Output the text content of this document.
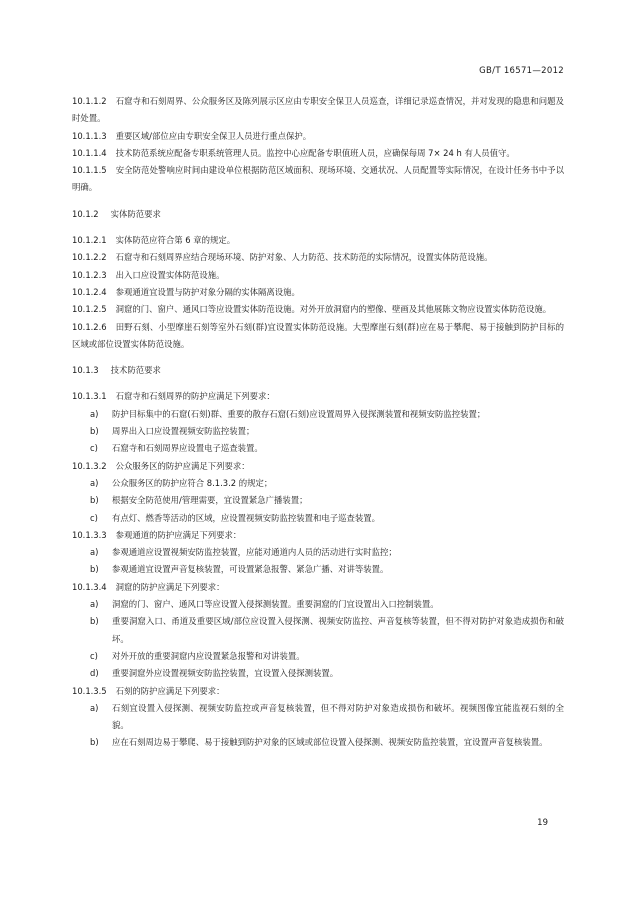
GB/T 16571—2012

10.1.1.2 石窟寺和石刻周界、公众服务区及陈列展示区应由专职安全保卫人员巡查，详细记录巡查情况，并对发现的隐患和问题及时处置。

10.1.1.3 重要区域/部位应由专职安全保卫人员进行重点保护。

10.1.1.4 技术防范系统应配备专职系统管理人员。监控中心应配备专职值班人员，应确保每周 7× 24 h 有人员值守。

10.1.1.5 安全防范处警响应时间由建设单位根据防范区域面积、现场环境、交通状况、人员配置等实际情况，在设计任务书中予以明确。

10.1.2 实体防范要求

10.1.2.1 实体防范应符合第 6 章的规定。

10.1.2.2 石窟寺和石刻周界应结合现场环境、防护对象、人力防范、技术防范的实际情况，设置实体防范设施。

10.1.2.3 出入口应设置实体防范设施。

10.1.2.4 参观通道宜设置与防护对象分隔的实体隔离设施。

10.1.2.5 洞窟的门、窗户、通风口等应设置实体防范设施。对外开放洞窟内的塑像、壁画及其他展陈文物应设置实体防范设施。

10.1.2.6 田野石刻、小型摩崖石刻等室外石刻(群)宜设置实体防范设施。大型摩崖石刻(群)应在易于攀爬、易于接触到防护目标的区域或部位设置实体防范设施。

10.1.3 技术防范要求

10.1.3.1 石窟寺和石刻周界的防护应满足下列要求：

a) 防护目标集中的石窟(石刻)群、重要的散存石窟(石刻)应设置周界入侵探测装置和视频安防监控装置；

b) 周界出入口应设置视频安防监控装置；

c) 石窟寺和石刻周界应设置电子巡查装置。

10.1.3.2 公众服务区的防护应满足下列要求：

a) 公众服务区的防护应符合 8.1.3.2 的规定；

b) 根据安全防范使用/管理需要，宜设置紧急广播装置；

c) 有点灯、燃香等活动的区域，应设置视频安防监控装置和电子巡查装置。

10.1.3.3 参观通道的防护应满足下列要求：

a) 参观通道应设置视频安防监控装置，应能对通道内人员的活动进行实时监控；

b) 参观通道宜设置声音复核装置，可设置紧急报警、紧急广播、对讲等装置。

10.1.3.4 洞窟的防护应满足下列要求：

a) 洞窟的门、窗户、通风口等应设置入侵探测装置。重要洞窟的门宜设置出入口控制装置。

b) 重要洞窟入口、甬道及重要区域/部位应设置入侵探测、视频安防监控、声音复核等装置，但不得对防护对象造成损伤和破坏。

c) 对外开放的重要洞窟内应设置紧急报警和对讲装置。

d) 重要洞窟外应设置视频安防监控装置，宜设置入侵探测装置。

10.1.3.5 石刻的防护应满足下列要求：

a) 石刻宜设置入侵探测、视频安防监控或声音复核装置，但不得对防护对象造成损伤和破坏。视频图像宜能监视石刻的全貌。

b) 应在石刻周边易于攀爬、易于接触到防护对象的区域或部位设置入侵探测、视频安防监控装置，宜设置声音复核装置。

19
